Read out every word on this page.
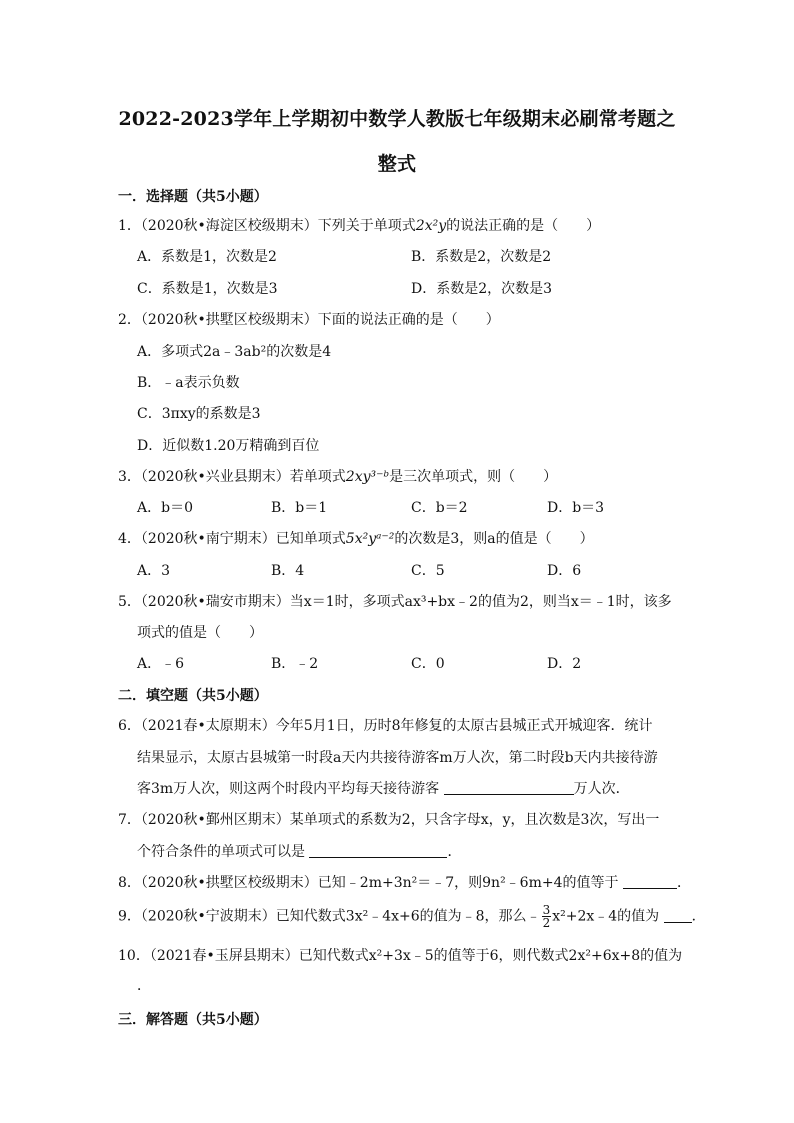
2022-2023学年上学期初中数学人教版七年级期末必刷常考题之
整式
一．选择题（共5小题）
1．（2020秋•海淀区校级期末）下列关于单项式2x²y的说法正确的是（　　）
A．系数是1，次数是2	B．系数是2，次数是2
C．系数是1，次数是3	D．系数是2，次数是3
2．（2020秋•拱墅区校级期末）下面的说法正确的是（　　）
A．多项式2a﹣3ab²的次数是4
B．﹣a表示负数
C．3πxy的系数是3
D．近似数1.20万精确到百位
3．（2020秋•兴业县期末）若单项式2xy³⁻ᵇ是三次单项式，则（　　）
A．b＝0	B．b＝1	C．b＝2	D．b＝3
4．（2020秋•南宁期末）已知单项式5x²yᵃ⁻²的次数是3，则a的值是（　　）
A．3	B．4	C．5	D．6
5．（2020秋•瑞安市期末）当x＝1时，多项式ax³+bx﹣2的值为2，则当x＝﹣1时，该多
项式的值是（　　）
A．﹣6	B．﹣2	C．0	D．2
二．填空题（共5小题）
6．（2021春•太原期末）今年5月1日，历时8年修复的太原古县城正式开城迎客．统计
结果显示，太原古县城第一时段a天内共接待游客m万人次，第二时段b天内共接待游
客3m万人次，则这两个时段内平均每天接待游客	万人次．
7．（2020秋•鄞州区期末）某单项式的系数为2，只含字母x，y，且次数是3次，写出一
个符合条件的单项式可以是	．
8．（2020秋•拱墅区校级期末）已知﹣2m+3n²＝﹣7，则9n²﹣6m+4的值等于	．
9．（2020秋•宁波期末）已知代数式3x²﹣4x+6的值为﹣8，那么﹣ $\frac{3}{2}$ x²+2x﹣4的值为 ．
10．（2021春•玉屏县期末）已知代数式x²+3x﹣5的值等于6，则代数式2x²+6x+8的值为
．
三．解答题（共5小题）
